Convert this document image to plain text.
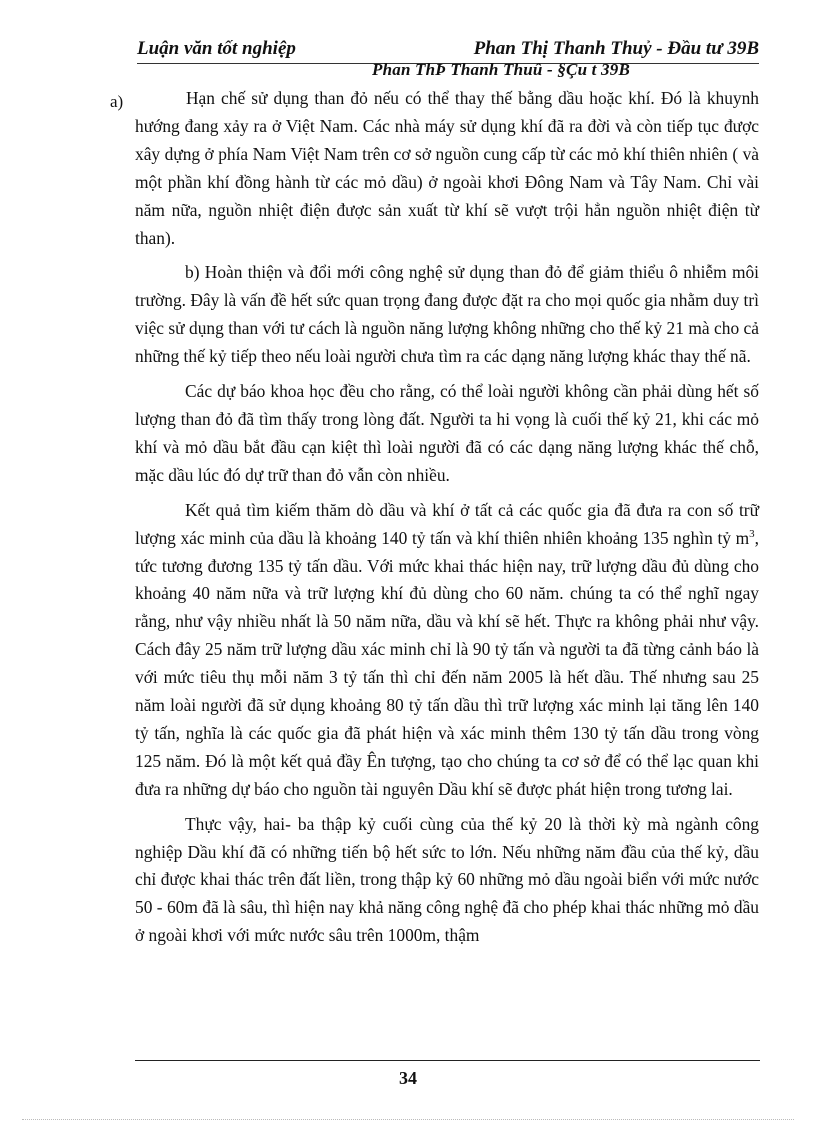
Luận văn tốt nghiệp	Phan Thị Thanh Thuỷ - Đầu tư 39B
Phan ThÞ Thanh Thuû - §Çu t 39B
a)	Hạn chế sử dụng than đỏ nếu có thể thay thế bằng dầu hoặc khí. Đó là khuynh hướng đang xảy ra ở Việt Nam. Các nhà máy sử dụng khí đã ra đời và còn tiếp tục được xây dựng ở phía Nam Việt Nam trên cơ sở nguồn cung cấp từ các mỏ khí thiên nhiên ( và một phần khí đồng hành từ các mỏ dầu) ở ngoài khơi Đông Nam và Tây Nam. Chỉ vài năm nữa, nguồn nhiệt điện được sản xuất từ khí sẽ vượt trội hẳn nguồn nhiệt điện từ than).

b) Hoàn thiện và đổi mới công nghệ sử dụng than đỏ để giảm thiểu ô nhiễm môi trường. Đây là vấn đề hết sức quan trọng đang được đặt ra cho mọi quốc gia nhằm duy trì việc sử dụng than với tư cách là nguồn năng lượng không những cho thế kỷ 21 mà cho cả những thế kỷ tiếp theo nếu loài người chưa tìm ra các dạng năng lượng khác thay thế nã.

Các dự báo khoa học đều cho rằng, có thể loài người không cần phải dùng hết số lượng than đỏ đã tìm thấy trong lòng đất. Người ta hi vọng là cuối thế kỷ 21, khi các mỏ khí và mỏ dầu bắt đầu cạn kiệt thì loài người đã có các dạng năng lượng khác thế chỗ, mặc dầu lúc đó dự trữ than đỏ vẫn còn nhiều.

Kết quả tìm kiếm thăm dò dầu và khí ở tất cả các quốc gia đã đưa ra con số trữ lượng xác minh của dầu là khoảng 140 tỷ tấn và khí thiên nhiên khoảng 135 nghìn tỷ $m^3$, tức tương đương 135 tỷ tấn dầu. Với mức khai thác hiện nay, trữ lượng dầu đủ dùng cho khoảng 40 năm nữa và trữ lượng khí đủ dùng cho 60 năm. chúng ta có thể nghĩ ngay rằng, như vậy nhiều nhất là 50 năm nữa, dầu và khí sẽ hết. Thực ra không phải như vậy. Cách đây 25 năm trữ lượng dầu xác minh chỉ là 90 tỷ tấn và người ta đã từng cảnh báo là với mức tiêu thụ mỗi năm 3 tỷ tấn thì chỉ đến năm 2005 là hết dầu. Thế nhưng sau 25 năm loài người đã sử dụng khoảng 80 tỷ tấn dầu thì trữ lượng xác minh lại tăng lên 140 tỷ tấn, nghĩa là các quốc gia đã phát hiện và xác minh thêm 130 tỷ tấn dầu trong vòng 125 năm. Đó là một kết quả đầy Ên tượng, tạo cho chúng ta cơ sở để có thể lạc quan khi đưa ra những dự báo cho nguồn tài nguyên Dầu khí sẽ được phát hiện trong tương lai.

Thực vậy, hai- ba thập kỷ cuối cùng của thế kỷ 20 là thời kỳ mà ngành công nghiệp Dầu khí đã có những tiến bộ hết sức to lớn. Nếu những năm đầu của thế kỷ, dầu chỉ được khai thác trên đất liền, trong thập kỷ 60 những mỏ dầu ngoài biển với mức nước 50 - 60m đã là sâu, thì hiện nay khả năng công nghệ đã cho phép khai thác những mỏ dầu ở ngoài khơi với mức nước sâu trên 1000m, thậm

34
